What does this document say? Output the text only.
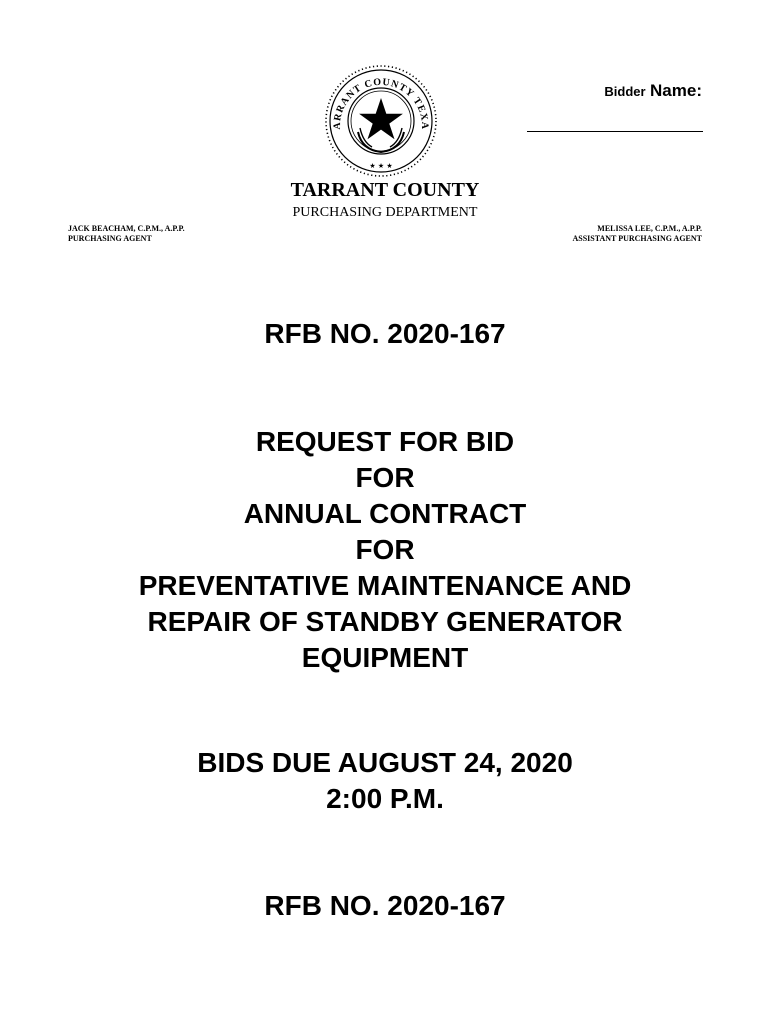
ARRANT COUNTY TEXA
★ ★ ★
Bidder Name:
TARRANT COUNTY
PURCHASING DEPARTMENT
JACK BEACHAM, C.P.M., A.P.P.
PURCHASING AGENT
MELISSA LEE, C.P.M., A.P.P.
ASSISTANT PURCHASING AGENT
RFB NO. 2020-167
REQUEST FOR BID
FOR
ANNUAL CONTRACT
FOR
PREVENTATIVE MAINTENANCE AND
REPAIR OF STANDBY GENERATOR
EQUIPMENT
BIDS DUE AUGUST 24, 2020
2:00 P.M.
RFB NO. 2020-167
